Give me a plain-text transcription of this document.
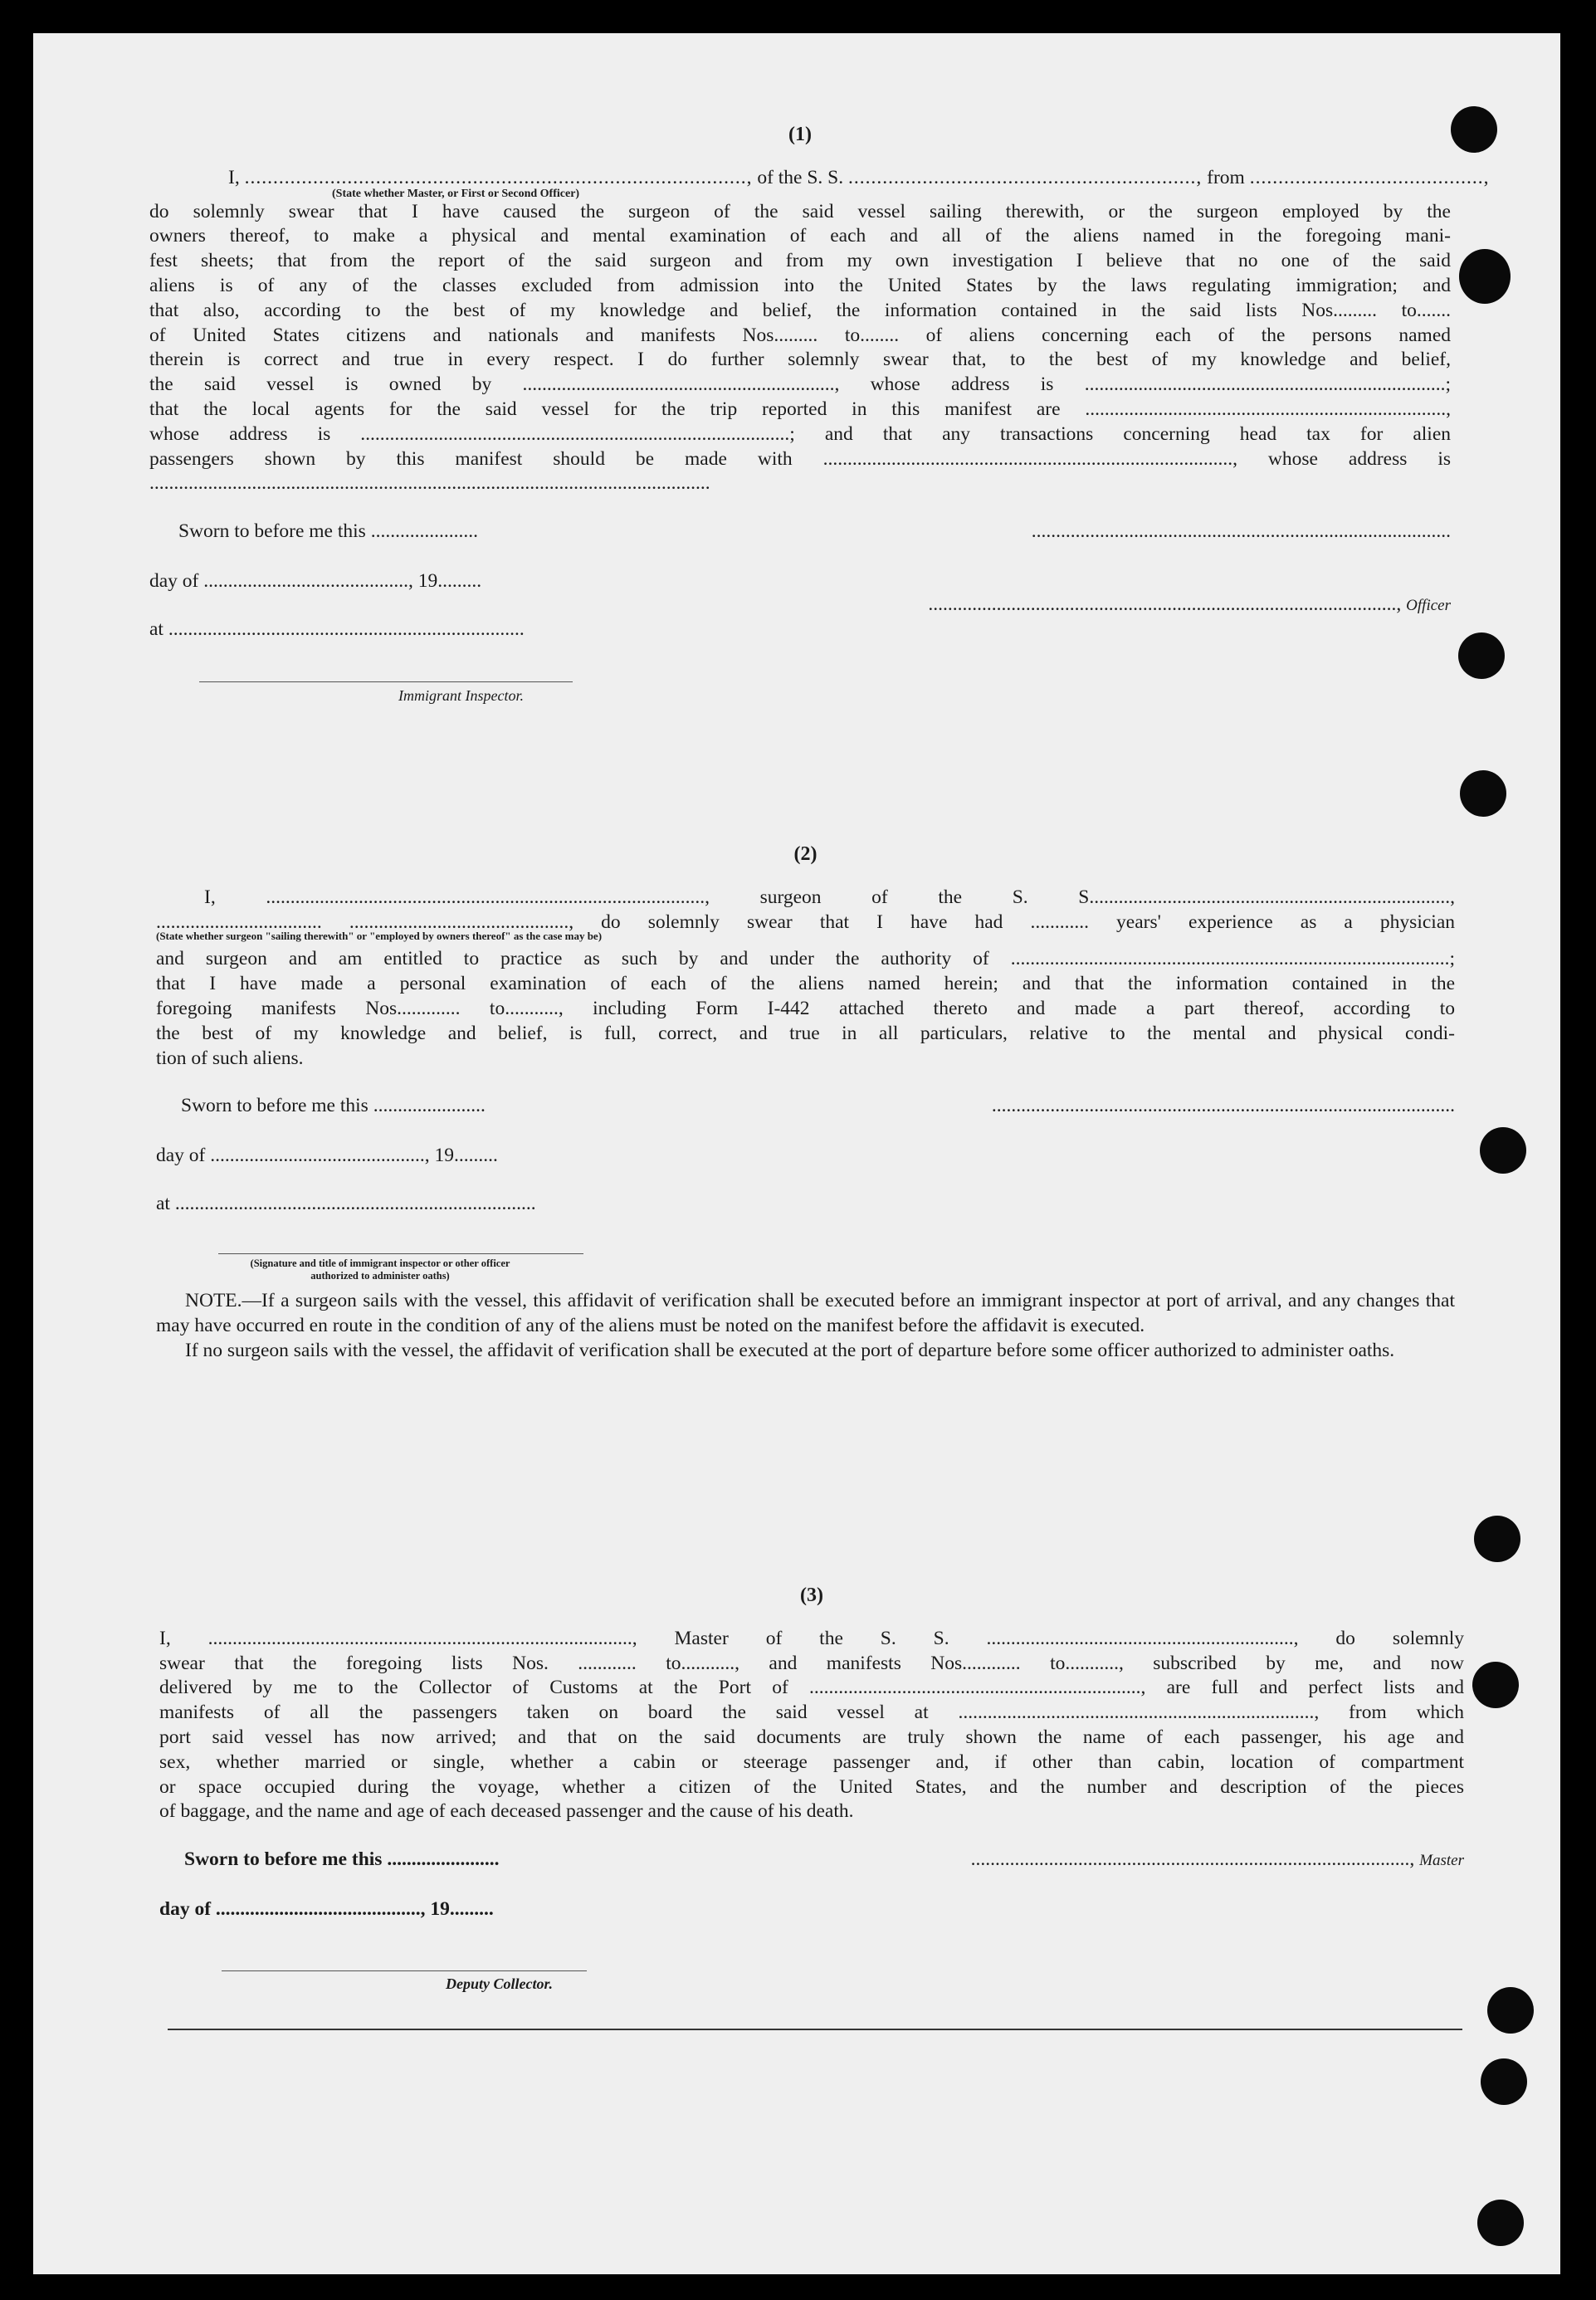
(1)
I, ........................................................................................, of the S. S. ............................................................., from .........................................,
(State whether Master, or First or Second Officer)
do solemnly swear that I have caused the surgeon of the said vessel sailing therewith, or the surgeon employed by the
owners thereof, to make a physical and mental examination of each and all of the aliens named in the foregoing mani-
fest sheets; that from the report of the said surgeon and from my own investigation I believe that no one of the said
aliens is of any of the classes excluded from admission into the United States by the laws regulating immigration; and
that also, according to the best of my knowledge and belief, the information contained in the said lists Nos......... to.......
of United States citizens and nationals and manifests Nos......... to........ of aliens concerning each of the persons named
therein is correct and true in every respect. I do further solemnly swear that, to the best of my knowledge and belief,
the said vessel is owned by ................................................................, whose address is ..........................................................................;
that the local agents for the said vessel for the trip reported in this manifest are ..........................................................................,
whose address is ........................................................................................; and that any transactions concerning head tax for alien
passengers shown by this manifest should be made with ...................................................................................., whose address is
...................................................................................................................
Sworn to before me this ......................
day of .........................................., 19.........
at .........................................................................
......................................................................................
................................................................................................, Officer
Immigrant Inspector.
(2)
I, .........................................................................................., surgeon of the S. S..........................................................................,
.................................. ............................................., do solemnly swear that I have had ............ years' experience as a physician
(State whether surgeon "sailing therewith" or "employed by owners thereof" as the case may be)
and surgeon and am entitled to practice as such by and under the authority of ..........................................................................................;
that I have made a personal examination of each of the aliens named herein; and that the information contained in the
foregoing manifests Nos............. to..........., including Form I-442 attached thereto and made a part thereof, according to
the best of my knowledge and belief, is full, correct, and true in all particulars, relative to the mental and physical condi-
tion of such aliens.
Sworn to before me this .......................	...............................................................................................
day of ............................................, 19.........
at ..........................................................................
(Signature and title of immigrant inspector or other officer authorized to administer oaths)

NOTE.—If a surgeon sails with the vessel, this affidavit of verification shall be executed before an immigrant inspector at port of arrival, and any changes that may have occurred en route in the condition of any of the aliens must be noted on the manifest before the affidavit is executed.

If no surgeon sails with the vessel, the affidavit of verification shall be executed at the port of departure before some officer authorized to administer oaths.

(3)
I, ......................................................................................., Master of the S. S. ..............................................................., do solemnly
swear that the foregoing lists Nos. ............ to..........., and manifests Nos............ to..........., subscribed by me, and now
delivered by me to the Collector of Customs at the Port of ...................................................................., are full and perfect lists and
manifests of all the passengers taken on board the said vessel at ........................................................................., from which
port said vessel has now arrived; and that on the said documents are truly shown the name of each passenger, his age and
sex, whether married or single, whether a cabin or steerage passenger and, if other than cabin, location of compartment
or space occupied during the voyage, whether a citizen of the United States, and the number and description of the pieces
of baggage, and the name and age of each deceased passenger and the cause of his death.
Sworn to before me this .......................	.........................................................................................., Master
day of .........................................., 19.........
Deputy Collector.
